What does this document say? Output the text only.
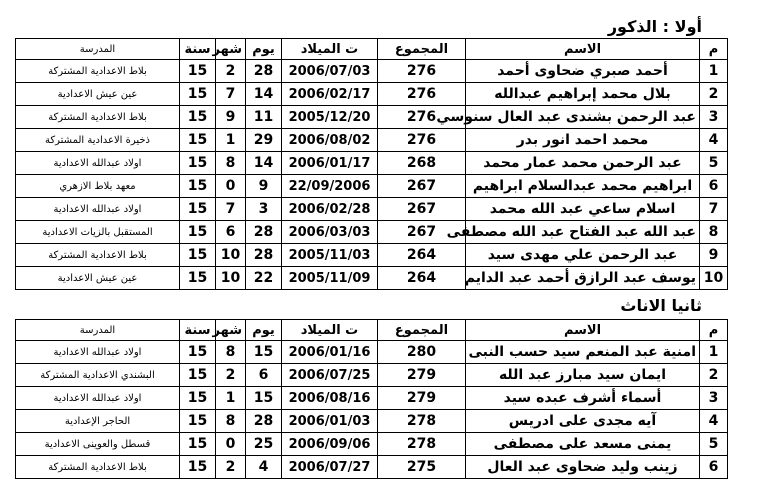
أولا : الذكور
م	الاسم	المجموع	ت الميلاد	يوم	شهر	سنة	المدرسة
1	أحمد صبري ضحاوى أحمد	276	2006/07/03	28	2	15	بلاط الاعدادية المشتركة
2	بلال محمد إبراهيم عبدالله	276	2006/02/17	14	7	15	عين عيش الاعدادية
3	عبد الرحمن بشندى عبد العال سنوسي	276	2005/12/20	11	9	15	بلاط الاعدادية المشتركة
4	محمد احمد انور بدر	276	2006/08/02	29	1	15	ذخيرة الاعدادية المشتركة
5	عبد الرحمن محمد عمار محمد	268	2006/01/17	14	8	15	اولاد عبدالله الاعدادية
6	ابراهيم محمد عبدالسلام ابراهيم	267	22/09/2006	9	0	15	معهد بلاط الازهري
7	اسلام ساعي عبد الله محمد	267	2006/02/28	3	7	15	اولاد عبدالله الاعدادية
8	عبد الله عبد الفتاح عبد الله مصطفى	267	2006/03/03	28	6	15	المستقبل بالزيات الاعدادية
9	عبد الرحمن علي مهدى سيد	264	2005/11/03	28	10	15	بلاط الاعدادية المشتركة
10	يوسف عبد الرازق أحمد عبد الدايم	264	2005/11/09	22	10	15	عين عيش الاعدادية
ثانيا الاناث
م	الاسم	المجموع	ت الميلاد	يوم	شهر	سنة	المدرسة
1	امنية عبد المنعم سيد حسب النبى	280	2006/01/16	15	8	15	اولاد عبدالله الاعدادية
2	ايمان سيد مبارز عبد الله	279	2006/07/25	6	2	15	البشندي الاعدادية المشتركة
3	أسماء أشرف عبده سيد	279	2006/08/16	15	1	15	اولاد عبدالله الاعدادية
4	آيه مجدى على ادريس	278	2006/01/03	28	8	15	الحاجر الإعدادية
5	يمنى مسعد على مصطفى	278	2006/09/06	25	0	15	قسطل والعوينى الاعدادية
6	زينب وليد ضحاوى عبد العال	275	2006/07/27	4	2	15	بلاط الاعدادية المشتركة
